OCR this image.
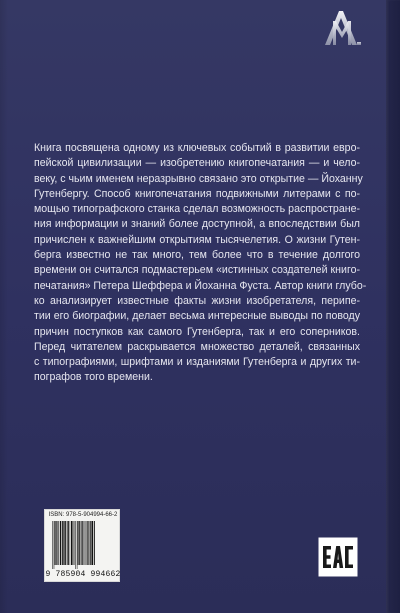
Книга посвящена одному из ключевых событий в развитии евро-
пейской цивилизации — изобретению книгопечатания — и чело-
веку, с чьим именем неразрывно связано это открытие — Йоханну
Гутенбергу. Способ книгопечатания подвижными литерами с по-
мощью типографского станка сделал возможность распростране-
ния информации и знаний более доступной, а впоследствии был
причислен к важнейшим открытиям тысячелетия. О жизни Гутен-
берга известно не так много, тем более что в течение долгого
времени он считался подмастерьем «истинных создателей книго-
печатания» Петера Шеффера и Йоханна Фуста. Автор книги глубо-
ко анализирует известные факты жизни изобретателя, перипе-
тии его биографии, делает весьма интересные выводы по поводу
причин поступков как самого Гутенберга, так и его соперников.
Перед читателем раскрывается множество деталей, связанных
с типографиями, шрифтами и изданиями Гутенберга и других ти-
пографов того времени.

ISBN: 978-5-904994-66-2
9 785904 994662
